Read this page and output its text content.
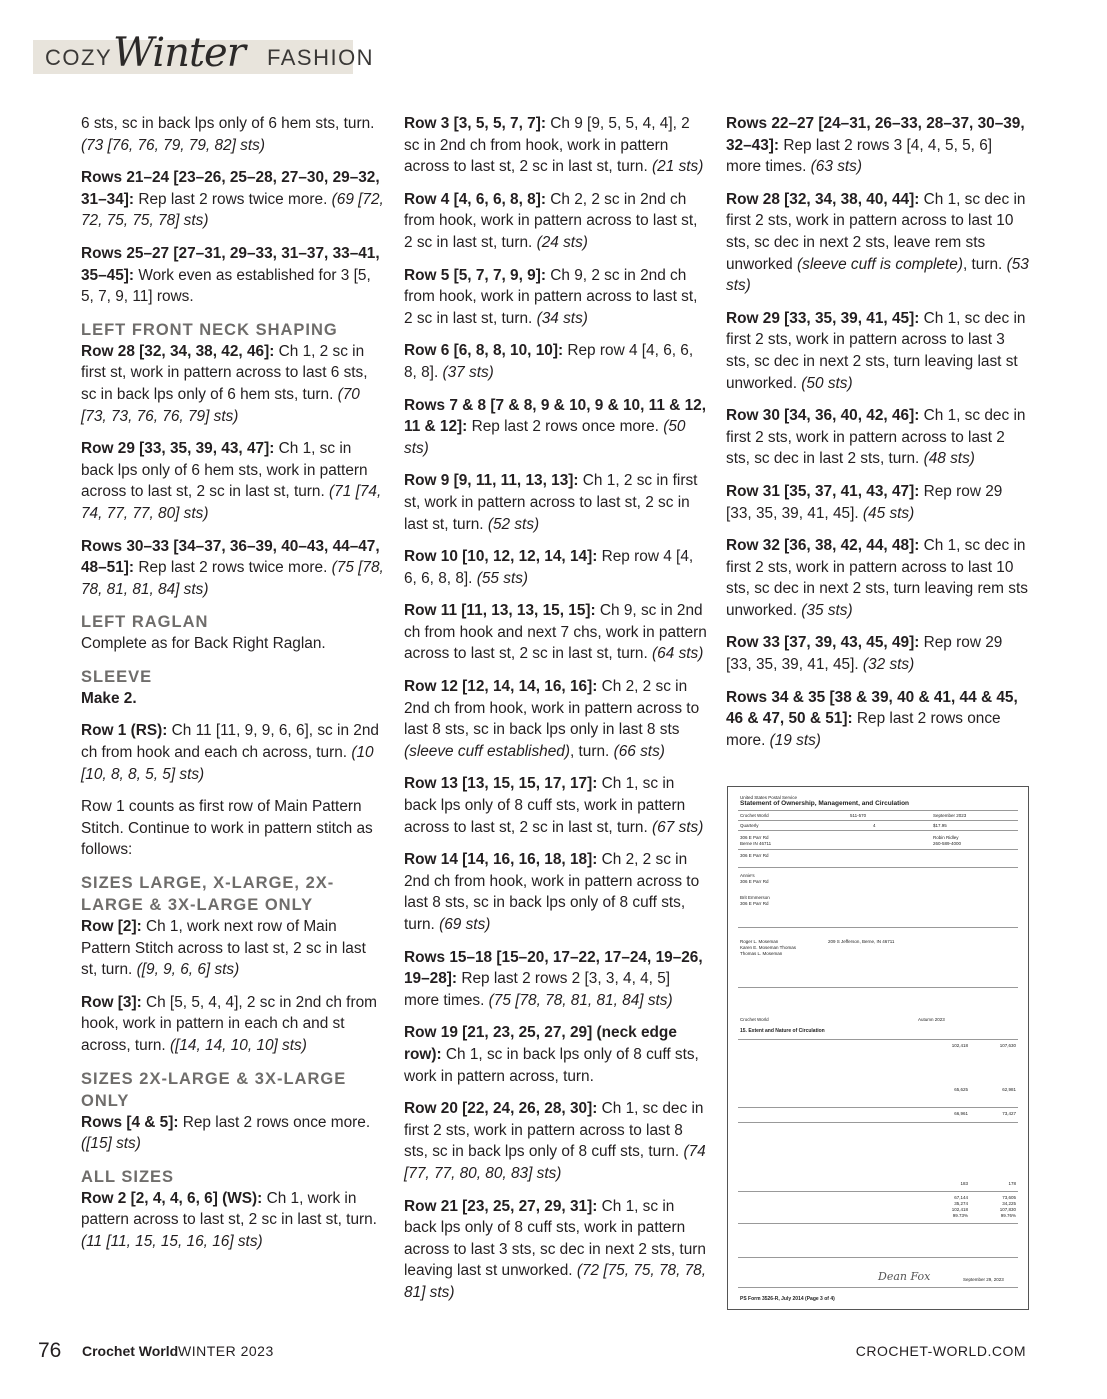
COZY Winter FASHION
6 sts, sc in back lps only of 6 hem sts, turn. (73 [76, 76, 79, 79, 82] sts)
Rows 21–24 [23–26, 25–28, 27–30, 29–32, 31–34]: Rep last 2 rows twice more. (69 [72, 72, 75, 75, 78] sts)
Rows 25–27 [27–31, 29–33, 31–37, 33–41, 35–45]: Work even as established for 3 [5, 5, 7, 9, 11] rows.
LEFT FRONT NECK SHAPING
Row 28 [32, 34, 38, 42, 46]: Ch 1, 2 sc in first st, work in pattern across to last 6 sts, sc in back lps only of 6 hem sts, turn. (70 [73, 73, 76, 76, 79] sts)
Row 29 [33, 35, 39, 43, 47]: Ch 1, sc in back lps only of 6 hem sts, work in pattern across to last st, 2 sc in last st, turn. (71 [74, 74, 77, 77, 80] sts)
Rows 30–33 [34–37, 36–39, 40–43, 44–47, 48–51]: Rep last 2 rows twice more. (75 [78, 78, 81, 81, 84] sts)
LEFT RAGLAN
Complete as for Back Right Raglan.
SLEEVE
Make 2.
Row 1 (RS): Ch 11 [11, 9, 9, 6, 6], sc in 2nd ch from hook and each ch across, turn. (10 [10, 8, 8, 5, 5] sts)
Row 1 counts as first row of Main Pattern Stitch. Continue to work in pattern stitch as follows:
SIZES LARGE, X-LARGE, 2X-LARGE & 3X-LARGE ONLY
Row [2]: Ch 1, work next row of Main Pattern Stitch across to last st, 2 sc in last st, turn. ([9, 9, 6, 6] sts)
Row [3]: Ch [5, 5, 4, 4], 2 sc in 2nd ch from hook, work in pattern in each ch and st across, turn. ([14, 14, 10, 10] sts)
SIZES 2X-LARGE & 3X-LARGE ONLY
Rows [4 & 5]: Rep last 2 rows once more. ([15] sts)
ALL SIZES
Row 2 [2, 4, 4, 6, 6] (WS): Ch 1, work in pattern across to last st, 2 sc in last st, turn. (11 [11, 15, 15, 16, 16] sts)
Row 3 [3, 5, 5, 7, 7]: Ch 9 [9, 5, 5, 4, 4], 2 sc in 2nd ch from hook, work in pattern across to last st, 2 sc in last st, turn. (21 sts)
Row 4 [4, 6, 6, 8, 8]: Ch 2, 2 sc in 2nd ch from hook, work in pattern across to last st, 2 sc in last st, turn. (24 sts)
Row 5 [5, 7, 7, 9, 9]: Ch 9, 2 sc in 2nd ch from hook, work in pattern across to last st, 2 sc in last st, turn. (34 sts)
Row 6 [6, 8, 8, 10, 10]: Rep row 4 [4, 6, 6, 8, 8]. (37 sts)
Rows 7 & 8 [7 & 8, 9 & 10, 9 & 10, 11 & 12, 11 & 12]: Rep last 2 rows once more. (50 sts)
Row 9 [9, 11, 11, 13, 13]: Ch 1, 2 sc in first st, work in pattern across to last st, 2 sc in last st, turn. (52 sts)
Row 10 [10, 12, 12, 14, 14]: Rep row 4 [4, 6, 6, 8, 8]. (55 sts)
Row 11 [11, 13, 13, 15, 15]: Ch 9, sc in 2nd ch from hook and next 7 chs, work in pattern across to last st, 2 sc in last st, turn. (64 sts)
Row 12 [12, 14, 14, 16, 16]: Ch 2, 2 sc in 2nd ch from hook, work in pattern across to last 8 sts, sc in back lps only in last 8 sts (sleeve cuff established), turn. (66 sts)
Row 13 [13, 15, 15, 17, 17]: Ch 1, sc in back lps only of 8 cuff sts, work in pattern across to last st, 2 sc in last st, turn. (67 sts)
Row 14 [14, 16, 16, 18, 18]: Ch 2, 2 sc in 2nd ch from hook, work in pattern across to last 8 sts, sc in back lps only of 8 cuff sts, turn. (69 sts)
Rows 15–18 [15–20, 17–22, 17–24, 19–26, 19–28]: Rep last 2 rows 2 [3, 3, 4, 4, 5] more times. (75 [78, 78, 81, 81, 84] sts)
Row 19 [21, 23, 25, 27, 29] (neck edge row): Ch 1, sc in back lps only of 8 cuff sts, work in pattern across, turn.
Row 20 [22, 24, 26, 28, 30]: Ch 1, sc dec in first 2 sts, work in pattern across to last 8 sts, sc in back lps only of 8 cuff sts, turn. (74 [77, 77, 80, 80, 83] sts)
Row 21 [23, 25, 27, 29, 31]: Ch 1, sc in back lps only of 8 cuff sts, work in pattern across to last 3 sts, sc dec in next 2 sts, turn leaving last st unworked. (72 [75, 75, 78, 78, 81] sts)
Rows 22–27 [24–31, 26–33, 28–37, 30–39, 32–43]: Rep last 2 rows 3 [4, 4, 5, 5, 6] more times. (63 sts)
Row 28 [32, 34, 38, 40, 44]: Ch 1, sc dec in first 2 sts, work in pattern across to last 10 sts, sc dec in next 2 sts, leave rem sts unworked (sleeve cuff is complete), turn. (53 sts)
Row 29 [33, 35, 39, 41, 45]: Ch 1, sc dec in first 2 sts, work in pattern across to last 3 sts, sc dec in next 2 sts, turn leaving last st unworked. (50 sts)
Row 30 [34, 36, 40, 42, 46]: Ch 1, sc dec in first 2 sts, work in pattern across to last 2 sts, sc dec in last 2 sts, turn. (48 sts)
Row 31 [35, 37, 41, 43, 47]: Rep row 29 [33, 35, 39, 41, 45]. (45 sts)
Row 32 [36, 38, 42, 44, 48]: Ch 1, sc dec in first 2 sts, work in pattern across to last 10 sts, sc dec in next 2 sts, turn leaving rem sts unworked. (35 sts)
Row 33 [37, 39, 43, 45, 49]: Rep row 29 [33, 35, 39, 41, 45]. (32 sts)
Rows 34 & 35 [38 & 39, 40 & 41, 44 & 45, 46 & 47, 50 & 51]: Rep last 2 rows once more. (19 sts)
United States Postal Service
Statement of Ownership, Management, and Circulation
Crochet World	511-570	September 2023
Quarterly	4	$17.95
306 E Parr Rd
Berne IN 46711
Robin Ridley
260-589-4000
306 E Parr Rd
Annie's
306 E Parr Rd
Brit Emmerson
306 E Parr Rd
Roger L. Moseman
Karen E. Moseman Thomas
Thomas L. Moseman
209 S Jefferson, Berne, IN 46711
Crochet World	Autumn 2023
15. Extent and Nature of Circulation
102,418	107,630
65,625	62,981
66,961	73,427
183	178
67,144	73,605
35,274	34,225
102,418	107,830
99.73%	99.76%
Dean Fox	September 29, 2023
PS Form 3526-R, July 2014 (Page 3 of 4)
76 Crochet World WINTER 2023	CROCHET-WORLD.COM
